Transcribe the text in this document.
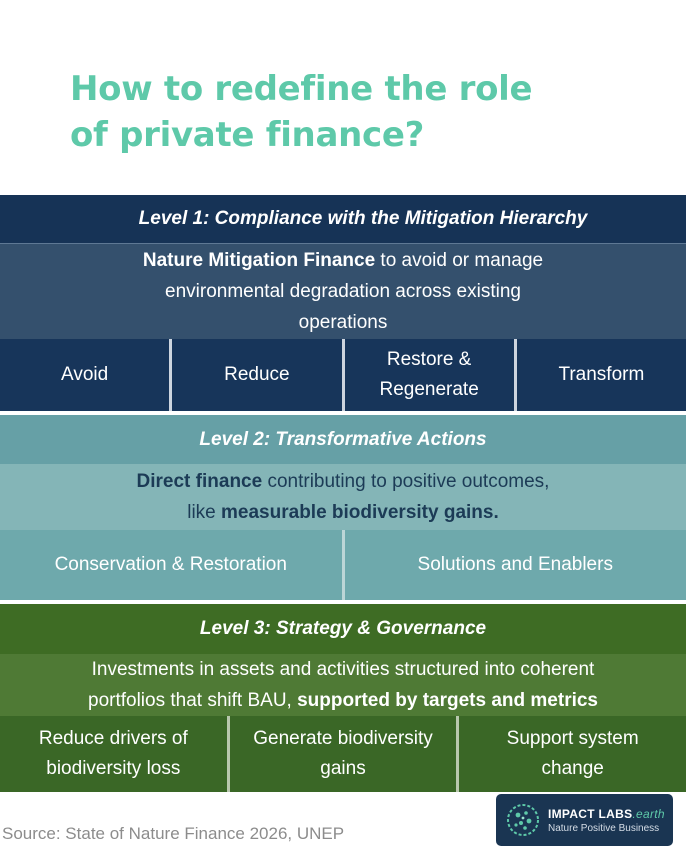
How to redefine the role
of private finance?
Level 1: Compliance with the Mitigation Hierarchy
Nature Mitigation Finance to avoid or manage
environmental degradation across existing
operations
Avoid	Reduce
Restore &
Regenerate
Transform
Level 2: Transformative Actions
Direct finance contributing to positive outcomes,
like measurable biodiversity gains.
Conservation & Restoration	Solutions and Enablers
Level 3: Strategy & Governance
Investments in assets and activities structured into coherent
portfolios that shift BAU, supported by targets and metrics
Reduce drivers of
biodiversity loss
Generate biodiversity
gains
Support system
change
Source: State of Nature Finance 2026, UNEP
IMPACT LABS.earth
Nature Positive Business
